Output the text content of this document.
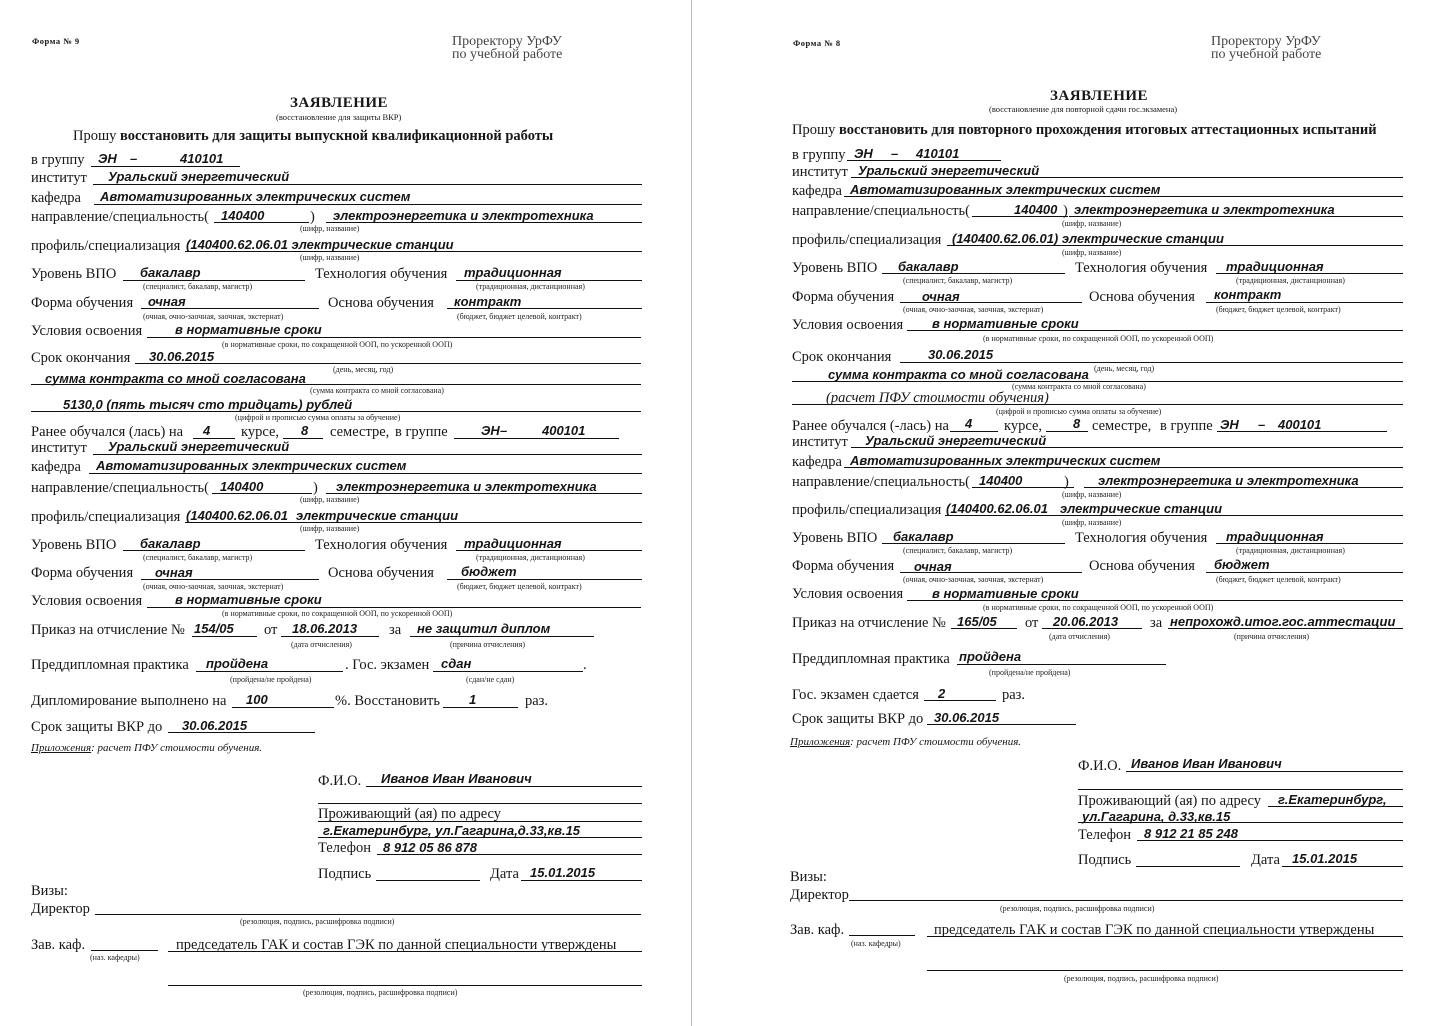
Форма № 9	Проректору УрФУ
по учебной работе
ЗАЯВЛЕНИЕ
(восстановление для защиты ВКР)
Прошу восстановить для защиты выпускной квалификационной работы
в группу ЭН –	410101
институт Уральский энергетический
кафедра Автоматизированных электрических систем
направление/специальность( 140400	) электроэнергетика и электротехника
(шифр, название)
профиль/специализация (140400.62.06.01 электрические станции
(шифр, название)
Уровень ВПО бакалавр	Технология обучения традиционная
(специалист, бакалавр, магистр)	(традиционная, дистанционная)
Форма обучения очная	Основа обучения контракт
(очная, очно-заочная, заочная, экстернат)	(бюджет, бюджет целевой, контракт)
Условия освоения	в нормативные сроки
(в нормативные сроки, по сокращенной ООП, по ускоренной ООП)
Срок окончания 30.06.2015
(день, месяц, год)
сумма контракта со мной согласована
(сумма контракта со мной согласована)
5130,0 (пять тысяч сто тридцать) рублей
(цифрой и прописью сумма оплаты за обучение)
Ранее обучался (лась) на 4 курсе, 8 семестре, в группе	ЭН –	400101
институт Уральский энергетический
кафедра Автоматизированных электрических систем
направление/специальность( 140400	) электроэнергетика и электротехника
(шифр, название)
профиль/специализация (140400.62.06.01 электрические станции
(шифр, название)
Уровень ВПО бакалавр	Технология обучения традиционная
(специалист, бакалавр, магистр)	(традиционная, дистанционная)
Форма обучения очная	Основа обучения бюджет
(очная, очно-заочная, заочная, экстернат)	(бюджет, бюджет целевой, контракт)
Условия освоения	в нормативные сроки
(в нормативные сроки, по сокращенной ООП, по ускоренной ООП)
Приказ на отчисление № 154/05 от 18.06.2013 за не защитил диплом
(дата отчисления)	(причина отчисления)
Преддипломная практика пройдена	. Гос. экзамен сдан	.
(пройдена/не пройдена)	(сдан/не сдан)
Дипломирование выполнено на 100	%. Восстановить 1	раз.
Срок защиты ВКР до 30.06.2015
Приложения: расчет ПФУ стоимости обучения.
Ф.И.О. Иванов Иван Иванович
Проживающий (ая) по адресу
г.Екатеринбург, ул.Гагарина,д.33,кв.15
Телефон 8 912 05 86 878
Подпись	Дата 15.01.2015
Визы:
Директор
(резолюция, подпись, расшифровка подписи)
Зав. каф.	председатель ГАК и состав ГЭК по данной специальности утверждены
(наз. кафедры)
(резолюция, подпись, расшифровка подписи)
Форма № 8	Проректору УрФУ
по учебной работе
ЗАЯВЛЕНИЕ
(восстановление для повторной сдачи гос.экзамена)
Прошу восстановить для повторного прохождения итоговых аттестационных испытаний
в группу ЭН – 410101
институт Уральский энергетический
кафедра Автоматизированных электрических систем
направление/специальность(	140400 ) электроэнергетика и электротехника
(шифр, название)
профиль/специализация (140400.62.06.01) электрические станции
(шифр, название)
Уровень ВПО бакалавр	Технология обучения традиционная
(специалист, бакалавр, магистр)	(традиционная, дистанционная)
Форма обучения очная	Основа обучения контракт
(очная, очно-заочная, заочная, экстернат)	(бюджет, бюджет целевой, контракт)
Условия освоения в нормативные сроки
(в нормативные сроки, по сокращенной ООП, по ускоренной ООП)
Срок окончания	30.06.2015
(день, месяц, год)
сумма контракта со мной согласована
(сумма контракта со мной согласована)
(расчет ПФУ стоимости обучения)
(цифрой и прописью сумма оплаты за обучение)
Ранее обучался (-лась) на 4 курсе, 8 семестре, в группе ЭН – 400101
институт Уральский энергетический
кафедра Автоматизированных электрических систем
направление/специальность( 140400	) электроэнергетика и электротехника
(шифр, название)
профиль/специализация (140400.62.06.01 электрические станции
(шифр, название)
Уровень ВПО бакалавр	Технология обучения традиционная
(специалист, бакалавр, магистр)	(традиционная, дистанционная)
Форма обучения очная	Основа обучения бюджет
(очная, очно-заочная, заочная, экстернат)	(бюджет, бюджет целевой, контракт)
Условия освоения в нормативные сроки
(в нормативные сроки, по сокращенной ООП, по ускоренной ООП)
Приказ на отчисление № 165/05 от 20.06.2013 за непрохожд.итог.гос.аттестации
(дата отчисления)	(причина отчисления)
Преддипломная практика пройдена
(пройдена/не пройдена)
Гос. экзамен сдается 2	раз.
Срок защиты ВКР до 30.06.2015
Приложения: расчет ПФУ стоимости обучения.
Ф.И.О. Иванов Иван Иванович
Проживающий (ая) по адресу г.Екатеринбург,
ул.Гагарина, д.33,кв.15
Телефон 8 912 21 85 248
Подпись	Дата 15.01.2015
Визы:
Директор
(резолюция, подпись, расшифровка подписи)
Зав. каф.	председатель ГАК и состав ГЭК по данной специальности утверждены
(наз. кафедры)
(резолюция, подпись, расшифровка подписи)
